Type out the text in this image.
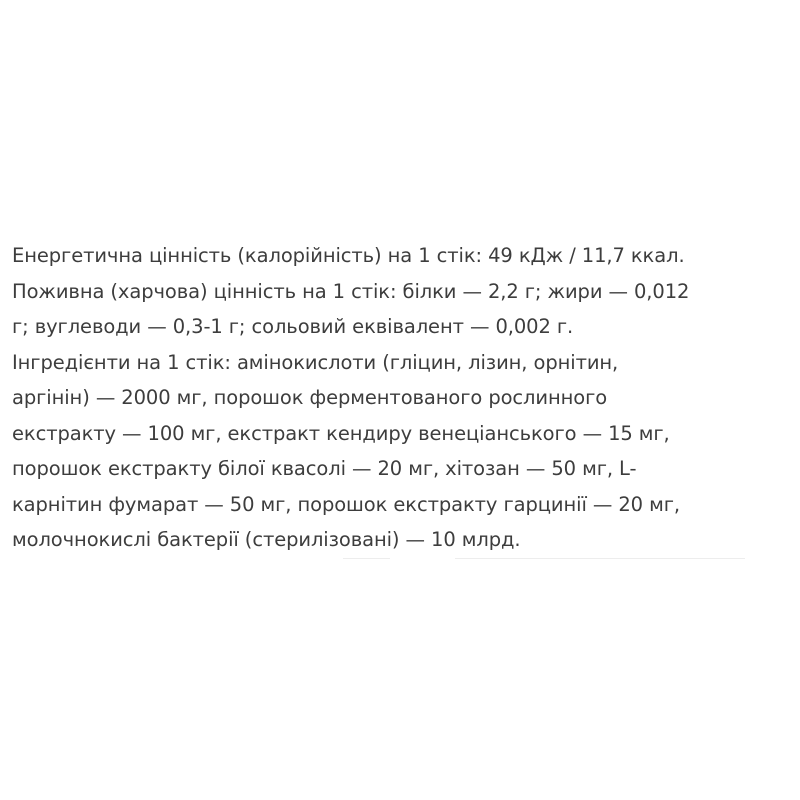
Енергетична цінність (калорійність) на 1 стік: 49 кДж / 11,7 ккал.
Поживна (харчова) цінність на 1 стік: білки — 2,2 г; жири — 0,012
г; вуглеводи — 0,3-1 г; сольовий еквівалент — 0,002 г.
Інгредієнти на 1 стік: амінокислоти (гліцин, лізин, орнітин,
аргінін) — 2000 мг, порошок ферментованого рослинного
екстракту — 100 мг, екстракт кендиру венеціанського — 15 мг,
порошок екстракту білої квасолі — 20 мг, хітозан — 50 мг, L-
карнітин фумарат — 50 мг, порошок екстракту гарцинії — 20 мг,
молочнокислі бактерії (стерилізовані) — 10 млрд.
